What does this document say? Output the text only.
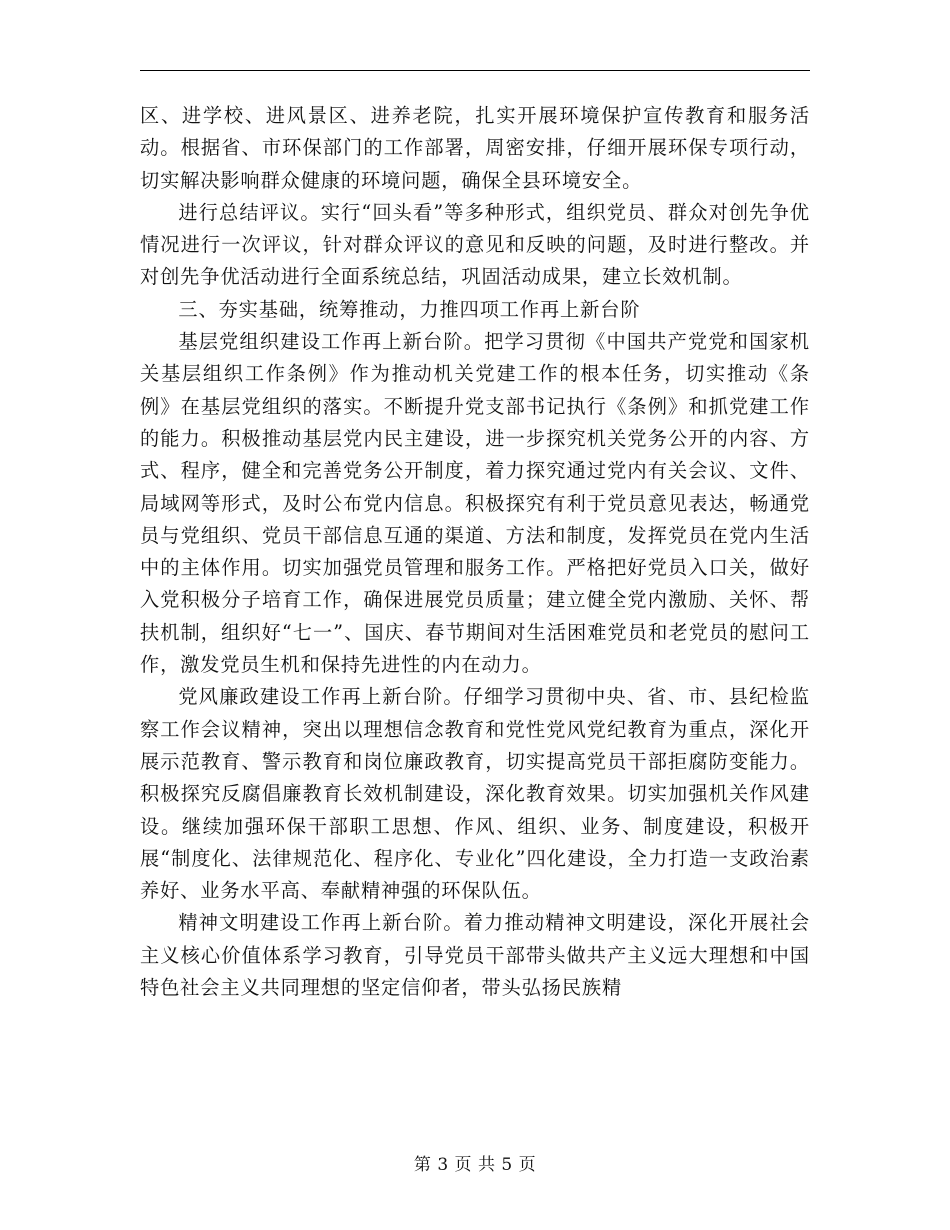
区、进学校、进风景区、进养老院，扎实开展环境保护宣传教育和服务活动。根据省、市环保部门的工作部署，周密安排，仔细开展环保专项行动，切实解决影响群众健康的环境问题，确保全县环境安全。

进行总结评议。实行“回头看”等多种形式，组织党员、群众对创先争优情况进行一次评议，针对群众评议的意见和反映的问题，及时进行整改。并对创先争优活动进行全面系统总结，巩固活动成果，建立长效机制。

三、夯实基础，统筹推动，力推四项工作再上新台阶

基层党组织建设工作再上新台阶。把学习贯彻《中国共产党党和国家机关基层组织工作条例》作为推动机关党建工作的根本任务，切实推动《条例》在基层党组织的落实。不断提升党支部书记执行《条例》和抓党建工作的能力。积极推动基层党内民主建设，进一步探究机关党务公开的内容、方式、程序，健全和完善党务公开制度，着力探究通过党内有关会议、文件、局域网等形式，及时公布党内信息。积极探究有利于党员意见表达，畅通党员与党组织、党员干部信息互通的渠道、方法和制度，发挥党员在党内生活中的主体作用。切实加强党员管理和服务工作。严格把好党员入口关，做好入党积极分子培育工作，确保进展党员质量；建立健全党内激励、关怀、帮扶机制，组织好“七一”、国庆、春节期间对生活困难党员和老党员的慰问工作，激发党员生机和保持先进性的内在动力。

党风廉政建设工作再上新台阶。仔细学习贯彻中央、省、市、县纪检监察工作会议精神，突出以理想信念教育和党性党风党纪教育为重点，深化开展示范教育、警示教育和岗位廉政教育，切实提高党员干部拒腐防变能力。积极探究反腐倡廉教育长效机制建设，深化教育效果。切实加强机关作风建设。继续加强环保干部职工思想、作风、组织、业务、制度建设，积极开展“制度化、法律规范化、程序化、专业化”四化建设，全力打造一支政治素养好、业务水平高、奉献精神强的环保队伍。

精神文明建设工作再上新台阶。着力推动精神文明建设，深化开展社会主义核心价值体系学习教育，引导党员干部带头做共产主义远大理想和中国特色社会主义共同理想的坚定信仰者，带头弘扬民族精

第 3 页 共 5 页
